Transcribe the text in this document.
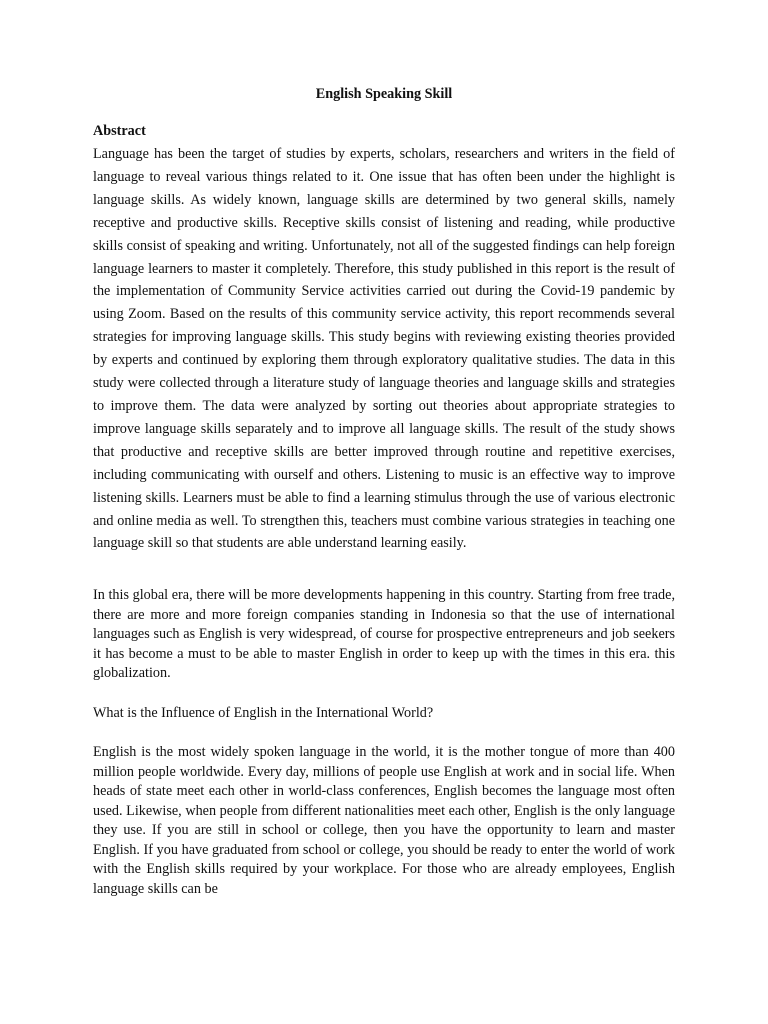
English Speaking Skill
Abstract

Language has been the target of studies by experts, scholars, researchers and writers in the field of language to reveal various things related to it. One issue that has often been under the highlight is language skills. As widely known, language skills are determined by two general skills, namely receptive and productive skills. Receptive skills consist of listening and reading, while productive skills consist of speaking and writing. Unfortunately, not all of the suggested findings can help foreign language learners to master it completely. Therefore, this study published in this report is the result of the implementation of Community Service activities carried out during the Covid-19 pandemic by using Zoom. Based on the results of this community service activity, this report recommends several strategies for improving language skills. This study begins with reviewing existing theories provided by experts and continued by exploring them through exploratory qualitative studies. The data in this study were collected through a literature study of language theories and language skills and strategies to improve them. The data were analyzed by sorting out theories about appropriate strategies to improve language skills separately and to improve all language skills. The result of the study shows that productive and receptive skills are better improved through routine and repetitive exercises, including communicating with ourself and others. Listening to music is an effective way to improve listening skills. Learners must be able to find a learning stimulus through the use of various electronic and online media as well. To strengthen this, teachers must combine various strategies in teaching one language skill so that students are able understand learning easily.

In this global era, there will be more developments happening in this country. Starting from free trade, there are more and more foreign companies standing in Indonesia so that the use of international languages such as English is very widespread, of course for prospective entrepreneurs and job seekers it has become a must to be able to master English in order to keep up with the times in this era. this globalization.

What is the Influence of English in the International World?

English is the most widely spoken language in the world, it is the mother tongue of more than 400 million people worldwide. Every day, millions of people use English at work and in social life. When heads of state meet each other in world-class conferences, English becomes the language most often used. Likewise, when people from different nationalities meet each other, English is the only language they use. If you are still in school or college, then you have the opportunity to learn and master English. If you have graduated from school or college, you should be ready to enter the world of work with the English skills required by your workplace. For those who are already employees, English language skills can be
